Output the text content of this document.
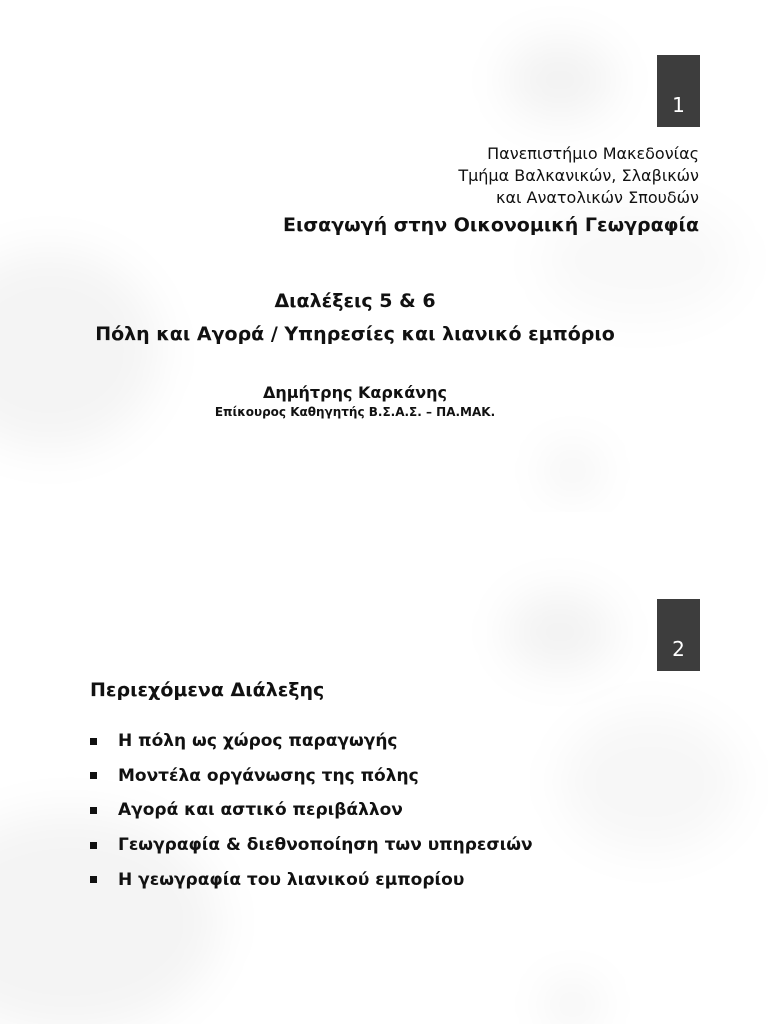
1
Πανεπιστήμιο Μακεδονίας
Τμήμα Βαλκανικών, Σλαβικών
και Ανατολικών Σπουδών
Εισαγωγή στην Οικονομική Γεωγραφία
Διαλέξεις 5 & 6
Πόλη και Αγορά / Υπηρεσίες και λιανικό εμπόριο
Δημήτρης Καρκάνης
Επίκουρος Καθηγητής Β.Σ.Α.Σ. – ΠΑ.ΜΑΚ.
2
Περιεχόμενα Διάλεξης
Η πόλη ως χώρος παραγωγής
Μοντέλα οργάνωσης της πόλης
Αγορά και αστικό περιβάλλον
Γεωγραφία & διεθνοποίηση των υπηρεσιών
Η γεωγραφία του λιανικού εμπορίου
